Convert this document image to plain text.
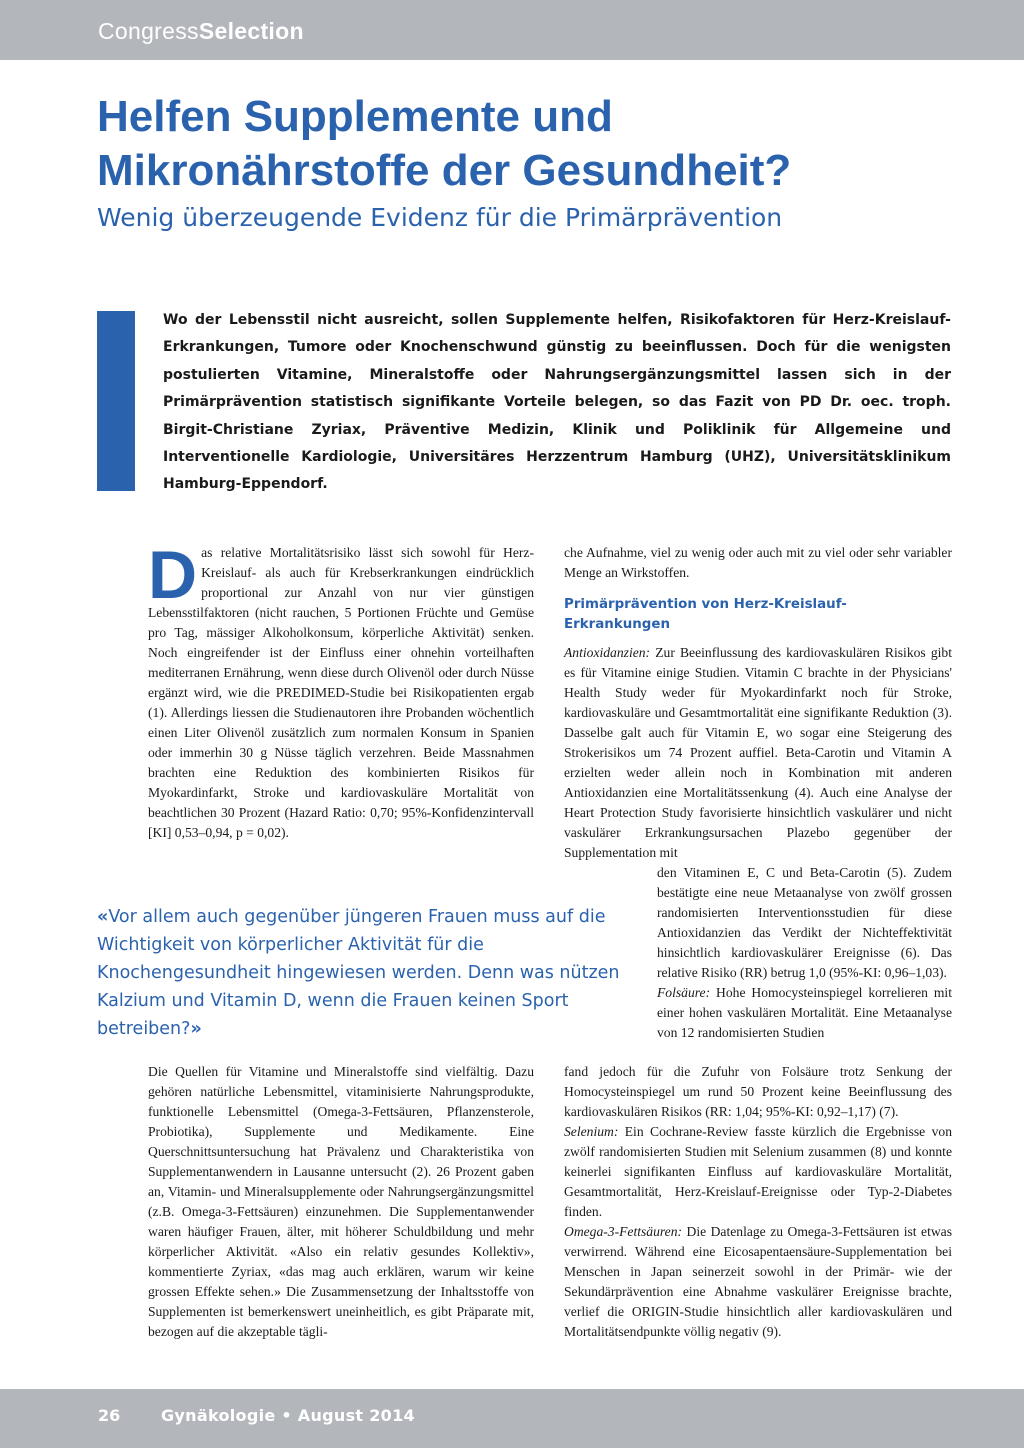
CongressSelection
Helfen Supplemente und Mikronährstoffe der Gesundheit?

Wenig überzeugende Evidenz für die Primärprävention

Wo der Lebensstil nicht ausreicht, sollen Supplemente helfen, Risikofaktoren für Herz-Kreislauf-Erkrankungen, Tumore oder Knochenschwund günstig zu beeinflussen. Doch für die wenigsten postulierten Vitamine, Mineralstoffe oder Nahrungsergänzungsmittel lassen sich in der Primärprävention statistisch signifikante Vorteile belegen, so das Fazit von PD Dr. oec. troph. Birgit-Christiane Zyriax, Präventive Medizin, Klinik und Poliklinik für Allgemeine und Interventionelle Kardiologie, Universitäres Herzzentrum Hamburg (UHZ), Universitätsklinikum Hamburg-Eppendorf.

Das relative Mortalitätsrisiko lässt sich sowohl für Herz-Kreislauf- als auch für Krebserkrankungen eindrücklich proportional zur Anzahl von nur vier günstigen Lebensstilfaktoren (nicht rauchen, 5 Portionen Früchte und Gemüse pro Tag, mässiger Alkoholkonsum, körperliche Aktivität) senken. Noch eingreifender ist der Einfluss einer ohnehin vorteilhaften mediterranen Ernährung, wenn diese durch Olivenöl oder durch Nüsse ergänzt wird, wie die PREDIMED-Studie bei Risikopatienten ergab (1). Allerdings liessen die Studienautoren ihre Probanden wöchentlich einen Liter Olivenöl zusätzlich zum normalen Konsum in Spanien oder immerhin 30 g Nüsse täglich verzehren. Beide Massnahmen brachten eine Reduktion des kombinierten Risikos für Myokardinfarkt, Stroke und kardiovaskuläre Mortalität von beachtlichen 30 Prozent (Hazard Ratio: 0,70; 95%-Konfidenzintervall [KI] 0,53–0,94, p = 0,02).

«Vor allem auch gegenüber jüngeren Frauen muss auf die Wichtigkeit von körperlicher Aktivität für die Knochengesundheit hingewiesen werden. Denn was nützen Kalzium und Vitamin D, wenn die Frauen keinen Sport betreiben?»

Die Quellen für Vitamine und Mineralstoffe sind vielfältig. Dazu gehören natürliche Lebensmittel, vitaminisierte Nahrungsprodukte, funktionelle Lebensmittel (Omega-3-Fettsäuren, Pflanzensterole, Probiotika), Supplemente und Medikamente. Eine Querschnittsuntersuchung hat Prävalenz und Charakteristika von Supplementanwendern in Lausanne untersucht (2). 26 Prozent gaben an, Vitamin- und Mineralsupplemente oder Nahrungsergänzungsmittel (z.B. Omega-3-Fettsäuren) einzunehmen. Die Supplementanwender waren häufiger Frauen, älter, mit höherer Schuldbildung und mehr körperlicher Aktivität. «Also ein relativ gesundes Kollektiv», kommentierte Zyriax, «das mag auch erklären, warum wir keine grossen Effekte sehen.» Die Zusammensetzung der Inhaltsstoffe von Supplementen ist bemerkenswert uneinheitlich, es gibt Präparate mit, bezogen auf die akzeptable tägli-

che Aufnahme, viel zu wenig oder auch mit zu viel oder sehr variabler Menge an Wirkstoffen.

Primärprävention von Herz-Kreislauf-Erkrankungen

Antioxidanzien: Zur Beeinflussung des kardiovaskulären Risikos gibt es für Vitamine einige Studien. Vitamin C brachte in der Physicians' Health Study weder für Myokardinfarkt noch für Stroke, kardiovaskuläre und Gesamtmortalität eine signifikante Reduktion (3). Dasselbe galt auch für Vitamin E, wo sogar eine Steigerung des Strokerisikos um 74 Prozent auffiel. Beta-Carotin und Vitamin A erzielten weder allein noch in Kombination mit anderen Antioxidanzien eine Mortalitätssenkung (4). Auch eine Analyse der Heart Protection Study favorisierte hinsichtlich vaskulärer und nicht vaskulärer Erkrankungsursachen Plazebo gegenüber der Supplementation mit

den Vitaminen E, C und Beta-Carotin (5). Zudem bestätigte eine neue Metaanalyse von zwölf grossen randomisierten Interventionsstudien für diese Antioxidanzien das Verdikt der Nichteffektivität hinsichtlich kardiovaskulärer Ereignisse (6). Das relative Risiko (RR) betrug 1,0 (95%-KI: 0,96–1,03).

Folsäure: Hohe Homocysteinspiegel korrelieren mit einer hohen vaskulären Mortalität. Eine Metaanalyse von 12 randomisierten Studien

fand jedoch für die Zufuhr von Folsäure trotz Senkung der Homocysteinspiegel um rund 50 Prozent keine Beeinflussung des kardiovaskulären Risikos (RR: 1,04; 95%-KI: 0,92–1,17) (7).

Selenium: Ein Cochrane-Review fasste kürzlich die Ergebnisse von zwölf randomisierten Studien mit Selenium zusammen (8) und konnte keinerlei signifikanten Einfluss auf kardiovaskuläre Mortalität, Gesamtmortalität, Herz-Kreislauf-Ereignisse oder Typ-2-Diabetes finden.

Omega-3-Fettsäuren: Die Datenlage zu Omega-3-Fettsäuren ist etwas verwirrend. Während eine Eicosapentaensäure-Supplementation bei Menschen in Japan seinerzeit sowohl in der Primär- wie der Sekundärprävention eine Abnahme vaskulärer Ereignisse brachte, verlief die ORIGIN-Studie hinsichtlich aller kardiovaskulären und Mortalitätsendpunkte völlig negativ (9).

26	Gynäkologie • August 2014
